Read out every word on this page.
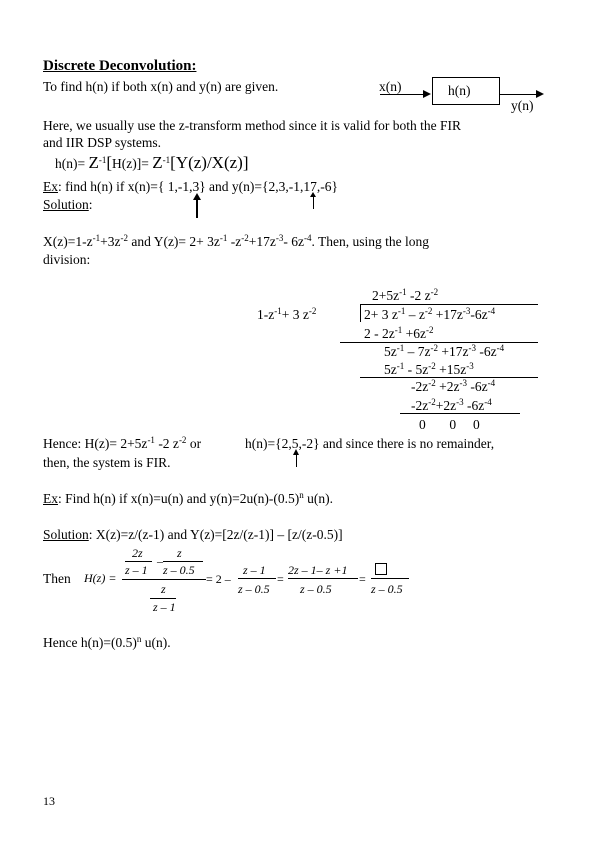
Discrete Deconvolution:
To find h(n) if both x(n) and y(n) are given.	x(n)	h(n)
y(n)
Here, we usually use the z-transform method since it is valid for both the FIR
and IIR DSP systems.
$h(n)= Z^{-1}[H(z)]= Z^{-1}[Y(z)/X(z)]$
Ex: find h(n) if x(n)={ 1,-1,3} and y(n)={2,3,-1,17,-6}
Solution:
$X(z)=1-z^{-1}+3z^{-2}$ and $Y(z)= 2+ 3z^{-1}$ $-z^{-2}+17z^{-3}-$ $6z^{-4}$. Then, using the long
division:
$2+5z^{-1}$ -2 $z^{-2}$
$1-z^{-1}+ 3$ $z^{-2}$	2+ 3 $z^{-1} - z^{-2} +17z^{-3}-6z^{-4}$
$2 - 2z^{-1} +6z^{-2}$
$5z^{-1} - 7z^{-2} +17z^{-3}$ $-6z^{-4}$
$5z^{-1} - 5z^{-2} +15z^{-3}$
$-2z^{-2} +2z^{-3}$ $-6z^{-4}$
$-2z^{-2}+2z^{-3}$ $-6z^{-4}$
0       0     0
Hence: $H(z)= 2+5z^{-1}$ -2 $z^{-2}$ or	h(n)={2,5,-2} and since there is no remainder,
then, the system is FIR.
Ex: Find h(n) if x(n)=u(n) and $y(n)=2u(n)-(0.5)^n$ u(n).
Solution: X(z)=z/(z-1) and Y(z)=[2z/(z-1)] – [z/(z-0.5)]
Then H(z) =
2z
–
z
z – 1 z – 0.5
z
z – 1
= 2 –
z – 1
z – 0.5
=
2z – 1– z +1
z – 0.5
=
z – 0.5
Hence $h(n)=(0.5)^n$ u(n).
13
